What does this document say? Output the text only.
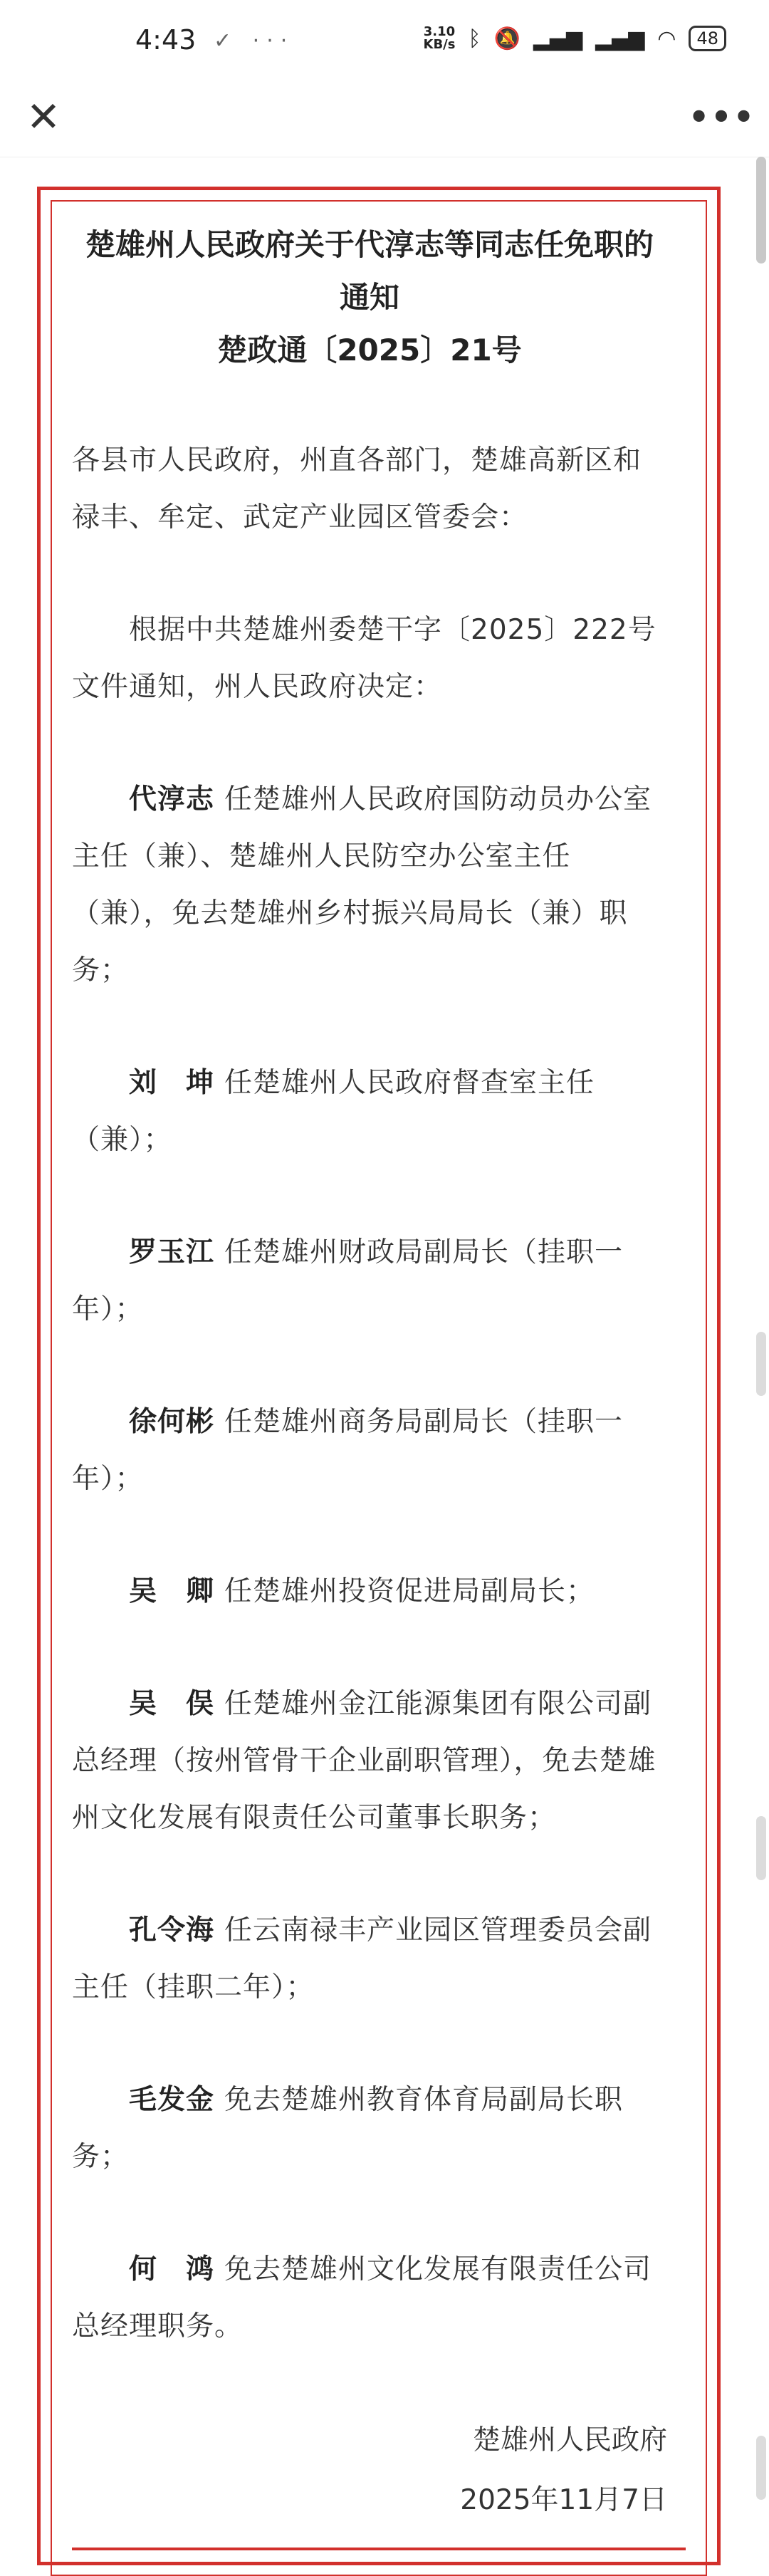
4:43 ✓ ···	3.10
KB/s ᛒ 🔕 ▂▄▆ ▂▄▆ ◠	48
✕	•••
楚雄州人民政府关于代淳志等同志任免职的通知
楚政通〔2025〕21号
各县市人民政府，州直各部门，楚雄高新区和禄丰、牟定、武定产业园区管委会：
根据中共楚雄州委楚干字〔2025〕222号文件通知，州人民政府决定：
代淳志 任楚雄州人民政府国防动员办公室主任（兼）、楚雄州人民防空办公室主任（兼），免去楚雄州乡村振兴局局长（兼）职务；
刘　坤 任楚雄州人民政府督查室主任（兼）；
罗玉江 任楚雄州财政局副局长（挂职一年）；
徐何彬 任楚雄州商务局副局长（挂职一年）；
吴　卿 任楚雄州投资促进局副局长；
吴　俣 任楚雄州金江能源集团有限公司副总经理（按州管骨干企业副职管理），免去楚雄州文化发展有限责任公司董事长职务；
孔令海 任云南禄丰产业园区管理委员会副主任（挂职二年）；
毛发金 免去楚雄州教育体育局副局长职务；
何　鸿 免去楚雄州文化发展有限责任公司总经理职务。
楚雄州人民政府
2025年11月7日
